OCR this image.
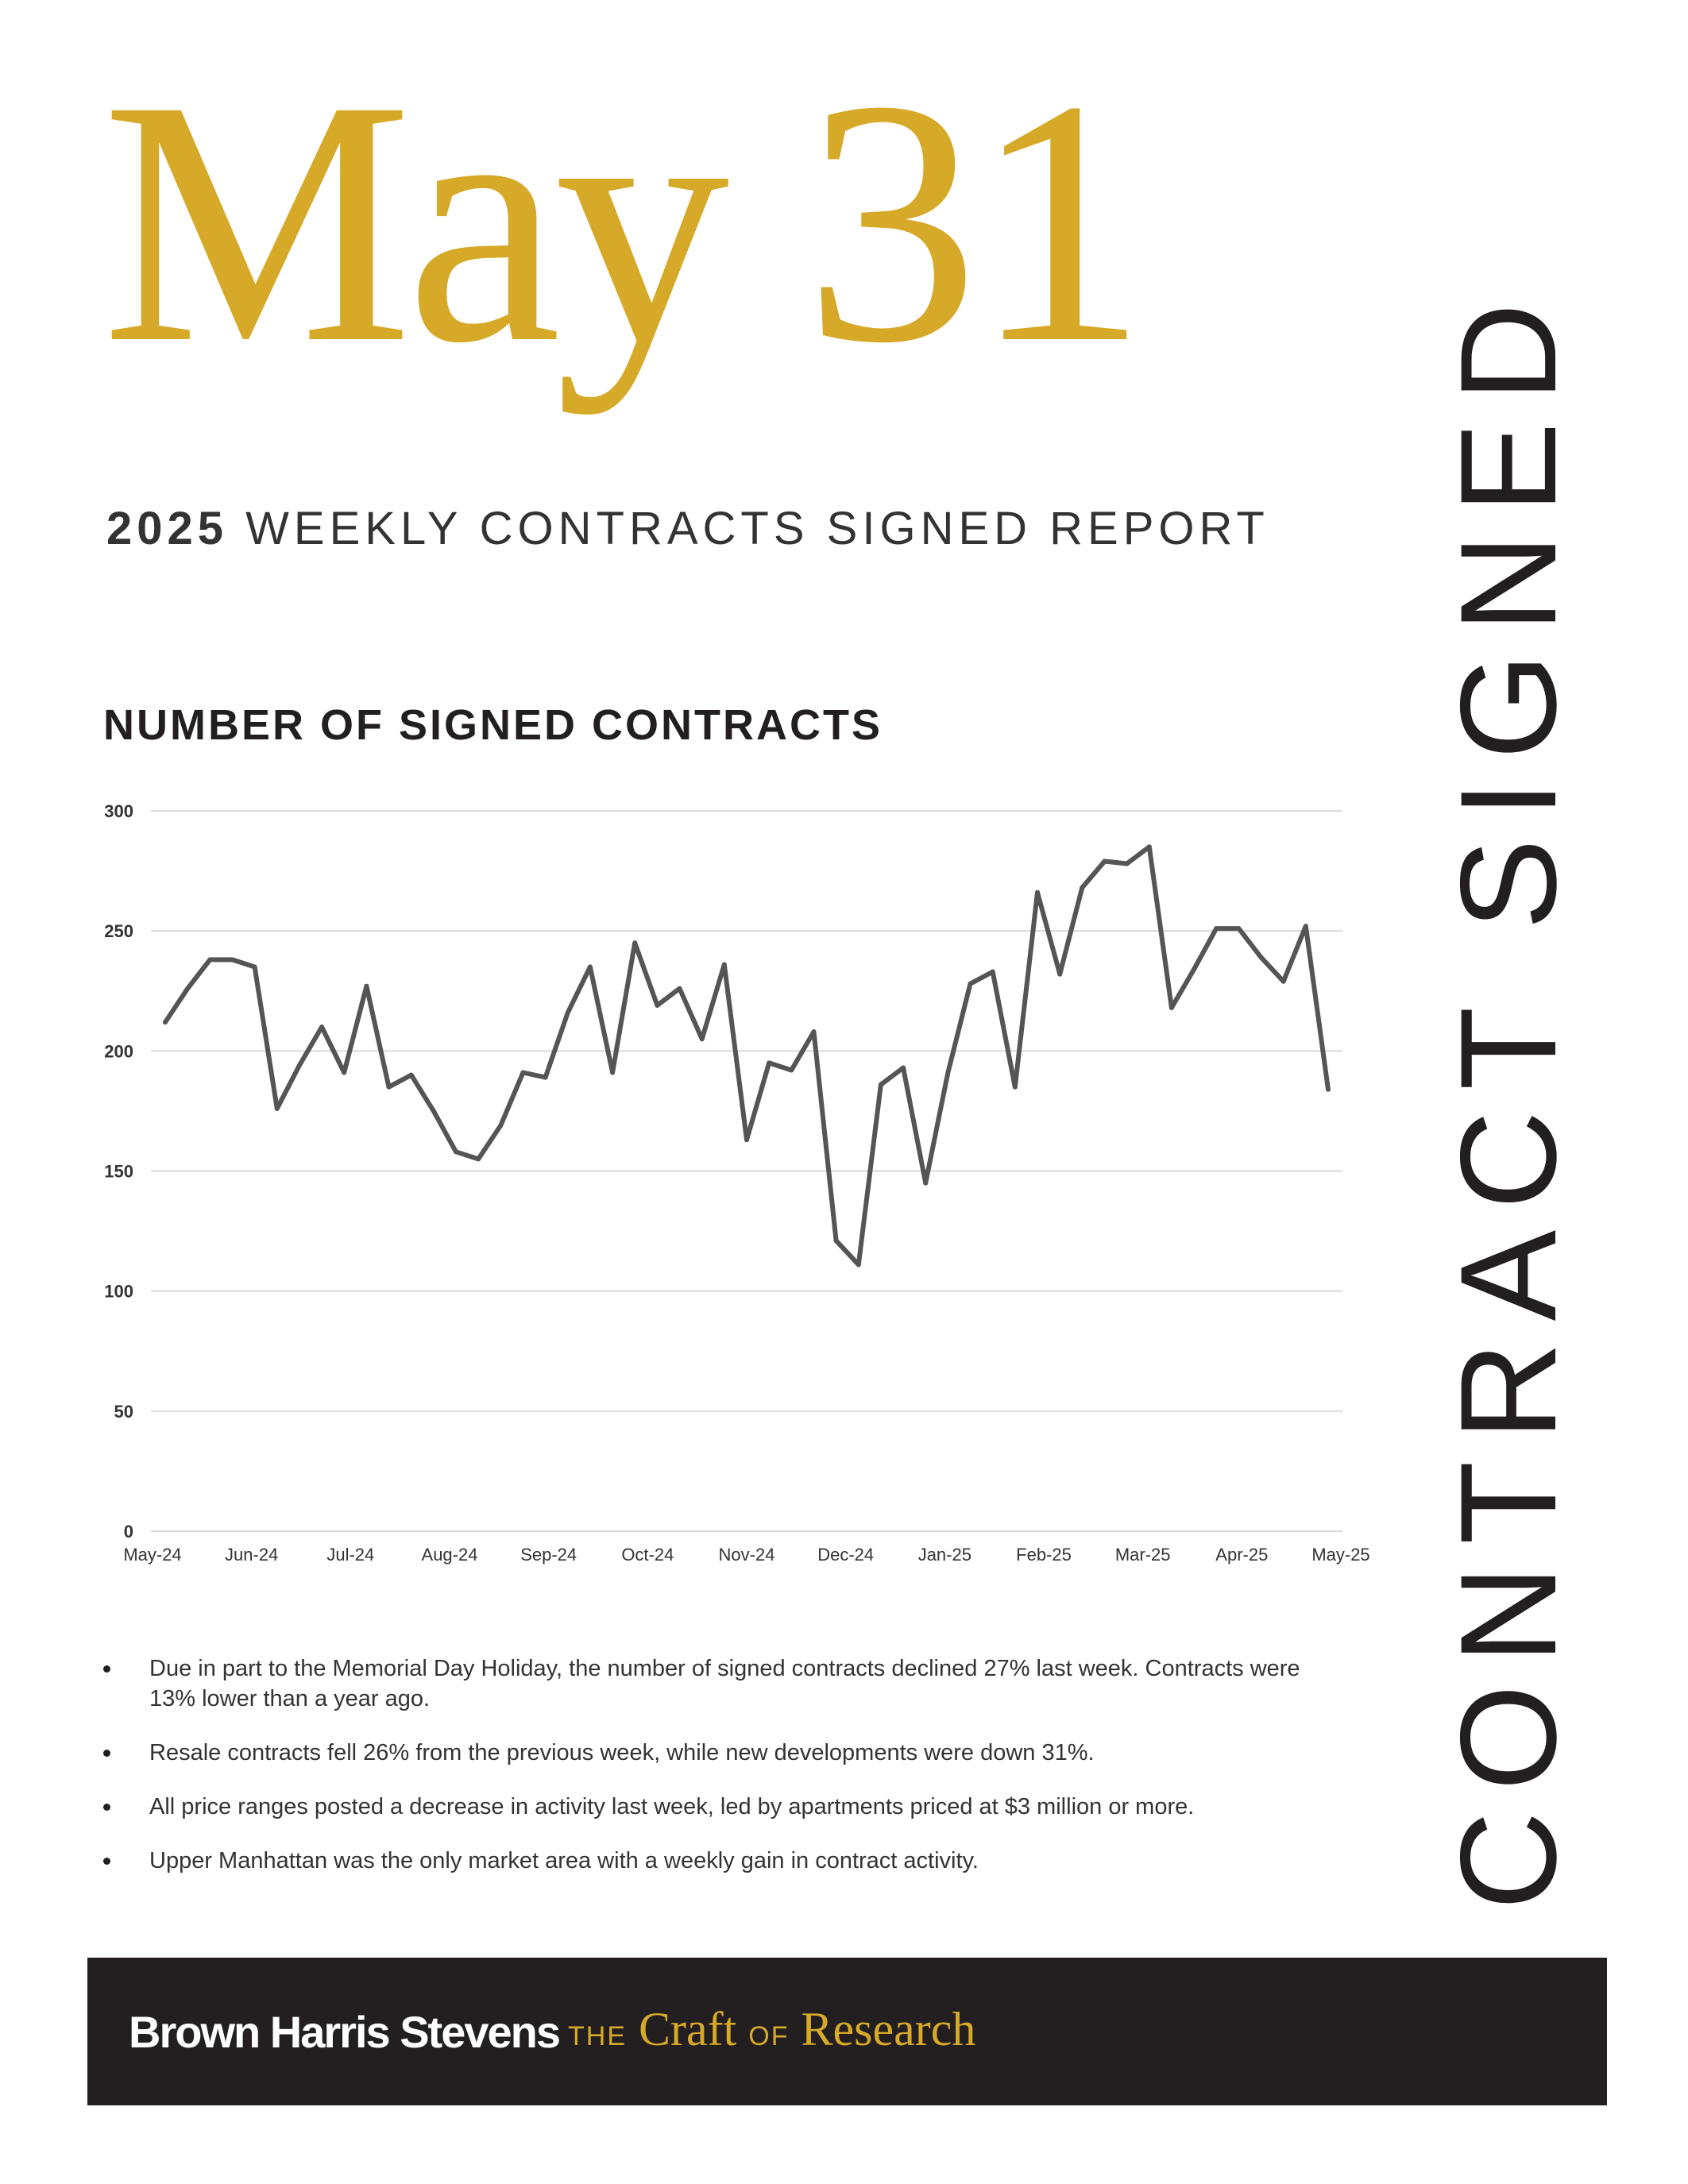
May 31
2025 WEEKLY CONTRACTS SIGNED REPORT CONTRACT SIGNED
NUMBER OF SIGNED CONTRACTS
0
50
100
150
200
250
300
May-24 Jun-24	Jul-24	Aug-24 Sep-24	Oct-24	Nov-24 Dec-24	Jan-25	Feb-25 Mar-25	Apr-25 May-25
Due in part to the Memorial Day Holiday, the number of signed contracts declined 27% last week. Contracts were 13% lower than a year ago.
Resale contracts fell 26% from the previous week, while new developments were down 31%.
All price ranges posted a decrease in activity last week, led by apartments priced at $3 million or more.
Upper Manhattan was the only market area with a weekly gain in contract activity.
Brown Harris Stevens THE Craft OF Research
